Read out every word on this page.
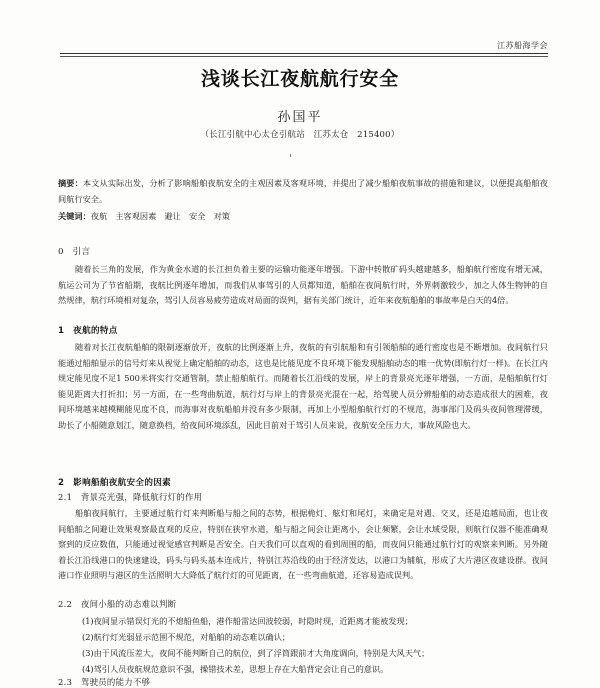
江苏船海学会
浅谈长江夜航航行安全
孙国平
（长江引航中心太仓引航站　江苏太仓　215400）

摘要：本文从实际出发，分析了影响船舶夜航安全的主观因素及客观环境，并提出了减少船舶夜航事故的措施和建议，以便提高船舶夜间航行安全。

关键词：夜航　主客观因素　避让　安全　对策

0　引言

随着长三角的发展，作为黄金水道的长江担负着主要的运输功能逐年增强。下游中转散矿码头越建越多，船舶航行密度有增无减，航运公司为了节省船期，夜航比例逐年增加，而我们从事驾引的人员都知道，船舶在夜间航行时，外界刺激较少，加之人体生物钟的自然规律，航行环境相对复杂，驾引人员容易疲劳造成对局面的误判，据有关部门统计，近年来夜航船舶的事故率是白天的4倍。

1　夜航的特点

随着对长江夜航船舶的限制逐渐放开，夜航的比例逐渐上升，夜航的有引航船和有引领船舶的通行密度也是不断增加。夜间航行只能通过船舶显示的信号灯来从视觉上确定船舶的动态，这也是比能见度不良环境下能发现船舶动态的唯一优势(即航行灯一样)。在长江内规定能见度不足1 500米将实行交通管制，禁止船舶航行。而随着长江沿线的发展，岸上的背景亮光逐年增强，一方面，是船舶航行灯能见距离大打折扣；另一方面，在一些弯曲航道，航行灯与岸上的背景亮光混在一起，给驾驶人员分辨船舶的动态造成很大的困难，夜间环境越来越模糊能见度不良，而海事对夜航船舶并没有多少限制，再加上小型船舶航行灯的不规范，海事部门及码头夜间管理滞缓，助长了小船随意划江，随意换档，给夜间环境添乱，因此目前对于驾引人员来说，夜航安全压力大，事故风险也大。

2　影响船舶夜航安全的因素
2.1　背景亮光强，降低航行灯的作用

船舶夜间航行，主要通过航行灯来判断船与船之间的态势，根据桅灯、舷灯和尾灯，来确定是对遇、交叉，还是追越局面，也让夜间船舶之间避让效果观察最直观的反应，特别在狭窄水道，船与船之间会让距离小，会让频繁，会让水域受限，则航行仪器不能准确观察到的反应数值，只能通过视觉感官判断是否安全。白天我们可以直观的看到周围的船，而夜间只能通过航行灯的观察来判断。另外随着长江沿线港口的快速建设，码头与码头基本连成片，特别江苏沿线的由于经济发达，以港口为辅航，形成了大片港区夜建设群。夜间港口作业照明与港区的生活照明大大降低了航行灯的可见距离，在一些弯曲航道，还容易造成误判。

2.2　夜间小船的动态难以判断
(1)夜间显示错误灯光的不熄船鱼船，港作船雷达回波较弱，时隐时现，近距离才能被发现；
(2)航行灯光弱显示范围不规范，对船舶的动态难以确认；
(3)由于风流压差大，夜间不能判断自己的航位，到了浮筒跟前才大角度调向，特别是大风天气；
(4)驾引人员夜航规范意识不强，操错技术差，思想上存在大船背定会让自己的意识。
2.3　驾驶员的能力不够
